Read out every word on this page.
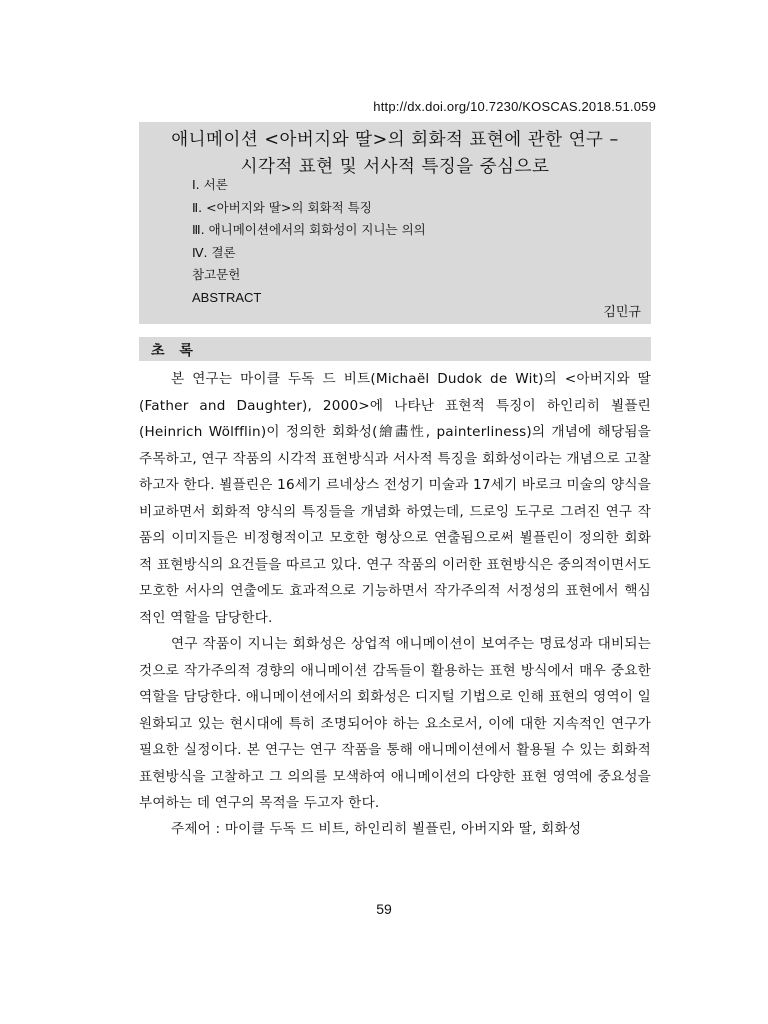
http://dx.doi.org/10.7230/KOSCAS.2018.51.059
애니메이션 <아버지와 딸>의 회화적 표현에 관한 연구 –
시각적 표현 및 서사적 특징을 중심으로
Ⅰ. 서론
Ⅱ. <아버지와 딸>의 회화적 특징
Ⅲ. 애니메이션에서의 회화성이 지니는 의의
Ⅳ. 결론
참고문헌
ABSTRACT
김민규
초 록

본 연구는 마이클 두독 드 비트(Michaël Dudok de Wit)의 <아버지와 딸(Father and Daughter), 2000>에 나타난 표현적 특징이 하인리히 뵐플린(Heinrich Wölfflin)이 정의한 회화성(繪畵性, painterliness)의 개념에 해당됨을 주목하고, 연구 작품의 시각적 표현방식과 서사적 특징을 회화성이라는 개념으로 고찰하고자 한다. 뵐플린은 16세기 르네상스 전성기 미술과 17세기 바로크 미술의 양식을 비교하면서 회화적 양식의 특징들을 개념화 하였는데, 드로잉 도구로 그려진 연구 작품의 이미지들은 비정형적이고 모호한 형상으로 연출됨으로써 뵐플린이 정의한 회화적 표현방식의 요건들을 따르고 있다. 연구 작품의 이러한 표현방식은 중의적이면서도 모호한 서사의 연출에도 효과적으로 기능하면서 작가주의적 서정성의 표현에서 핵심적인 역할을 담당한다.

연구 작품이 지니는 회화성은 상업적 애니메이션이 보여주는 명료성과 대비되는 것으로 작가주의적 경향의 애니메이션 감독들이 활용하는 표현 방식에서 매우 중요한 역할을 담당한다. 애니메이션에서의 회화성은 디지털 기법으로 인해 표현의 영역이 일원화되고 있는 현시대에 특히 조명되어야 하는 요소로서, 이에 대한 지속적인 연구가 필요한 실정이다. 본 연구는 연구 작품을 통해 애니메이션에서 활용될 수 있는 회화적 표현방식을 고찰하고 그 의의를 모색하여 애니메이션의 다양한 표현 영역에 중요성을 부여하는 데 연구의 목적을 두고자 한다.

주제어 : 마이클 두독 드 비트, 하인리히 뵐플린, 아버지와 딸, 회화성
59
